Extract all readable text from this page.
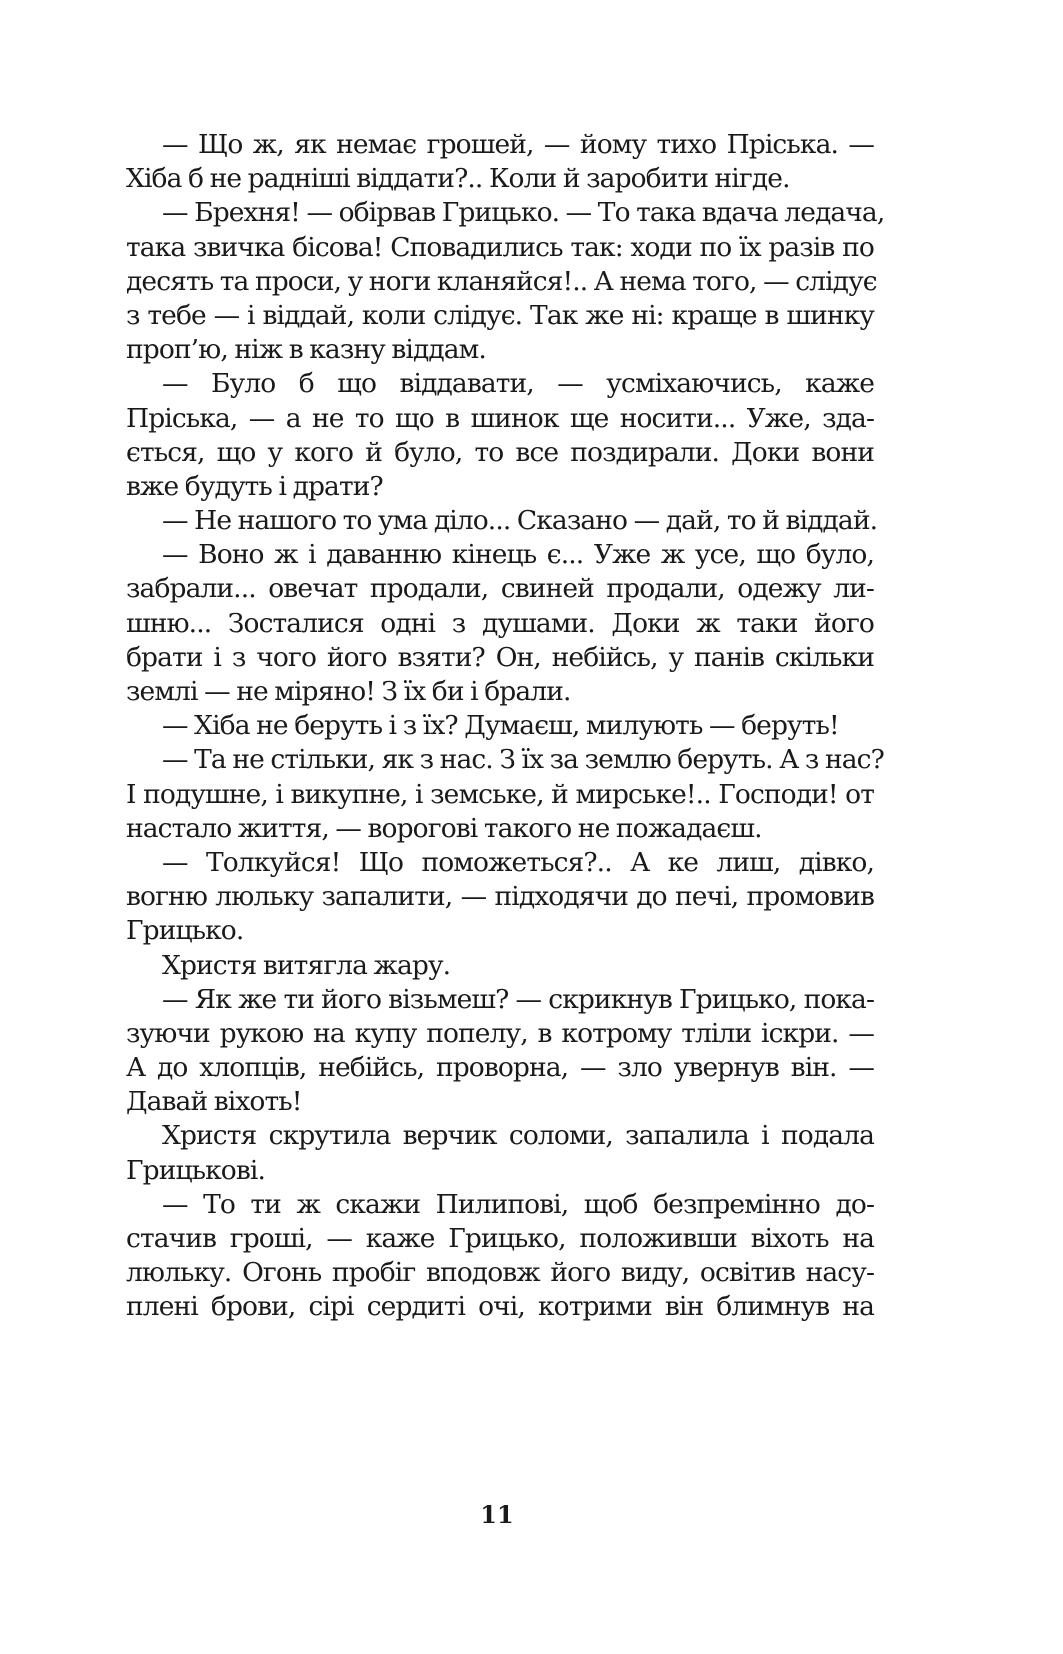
— Що ж, як немає грошей, — йому тихо Пріська. —
Хіба б не радніші віддати?.. Коли й заробити нігде.
— Брехня! — обірвав Грицько. — То така вдача ледача,
така звичка бісова! Сповадились так: ходи по їх разів по
десять та проси, у ноги кланяйся!.. А нема того, — слідує
з тебе — і віддай, коли слідує. Так же ні: краще в шинку
проп’ю, ніж в казну віддам.
— Було б що віддавати, — усміхаючись, каже
Пріська, — а не то що в шинок ще носити... Уже, зда-
ється, що у кого й було, то все поздирали. Доки вони
вже будуть і драти?
— Не нашого то ума діло... Сказано — дай, то й віддай.
— Воно ж і даванню кінець є... Уже ж усе, що було,
забрали... овечат продали, свиней продали, одежу ли-
шню... Зосталися одні з душами. Доки ж таки його
брати і з чого його взяти? Он, небійсь, у панів скільки
землі — не міряно! З їх би і брали.
— Хіба не беруть і з їх? Думаєш, милують — беруть!
— Та не стільки, як з нас. З їх за землю беруть. А з нас?
І подушне, і викупне, і земське, й мирське!.. Господи! от
настало життя, — ворогові такого не пожадаєш.
— Толкуйся! Що поможеться?.. А ке лиш, дівко,
вогню люльку запалити, — підходячи до печі, промовив
Грицько.
Христя витягла жару.
— Як же ти його візьмеш? — скрикнув Грицько, пока-
зуючи рукою на купу попелу, в котрому тліли іскри. —
А до хлопців, небійсь, проворна, — зло увернув він. —
Давай віхоть!
Христя скрутила верчик соломи, запалила і подала
Грицькові.
— То ти ж скажи Пилипові, щоб безпремінно до-
стачив гроші, — каже Грицько, положивши віхоть на
люльку. Огонь пробіг вподовж його виду, освітив насу-
плені брови, сірі сердиті очі, котрими він блимнув на
11
